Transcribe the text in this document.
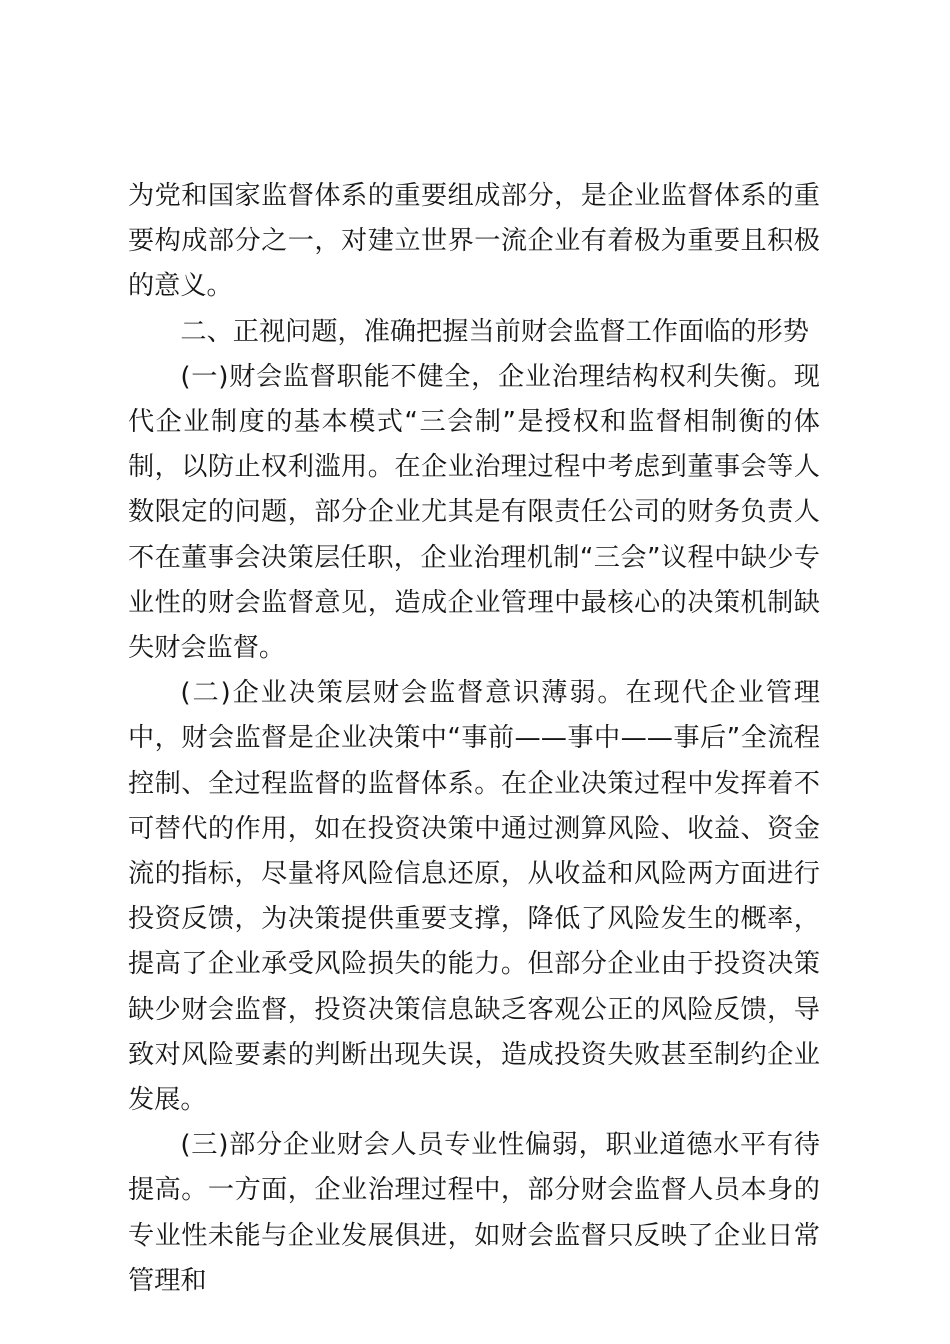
为党和国家监督体系的重要组成部分，是企业监督体系的重要构成部分之一，对建立世界一流企业有着极为重要且积极的意义。

二、正视问题，准确把握当前财会监督工作面临的形势

(一)财会监督职能不健全，企业治理结构权利失衡。现代企业制度的基本模式“三会制”是授权和监督相制衡的体制，以防止权利滥用。在企业治理过程中考虑到董事会等人数限定的问题，部分企业尤其是有限责任公司的财务负责人不在董事会决策层任职，企业治理机制“三会”议程中缺少专业性的财会监督意见，造成企业管理中最核心的决策机制缺失财会监督。

(二)企业决策层财会监督意识薄弱。在现代企业管理中，财会监督是企业决策中“事前——事中——事后”全流程控制、全过程监督的监督体系。在企业决策过程中发挥着不可替代的作用，如在投资决策中通过测算风险、收益、资金流的指标，尽量将风险信息还原，从收益和风险两方面进行投资反馈，为决策提供重要支撑，降低了风险发生的概率，提高了企业承受风险损失的能力。但部分企业由于投资决策缺少财会监督，投资决策信息缺乏客观公正的风险反馈，导致对风险要素的判断出现失误，造成投资失败甚至制约企业发展。

(三)部分企业财会人员专业性偏弱，职业道德水平有待提高。一方面，企业治理过程中，部分财会监督人员本身的专业性未能与企业发展俱进，如财会监督只反映了企业日常管理和
